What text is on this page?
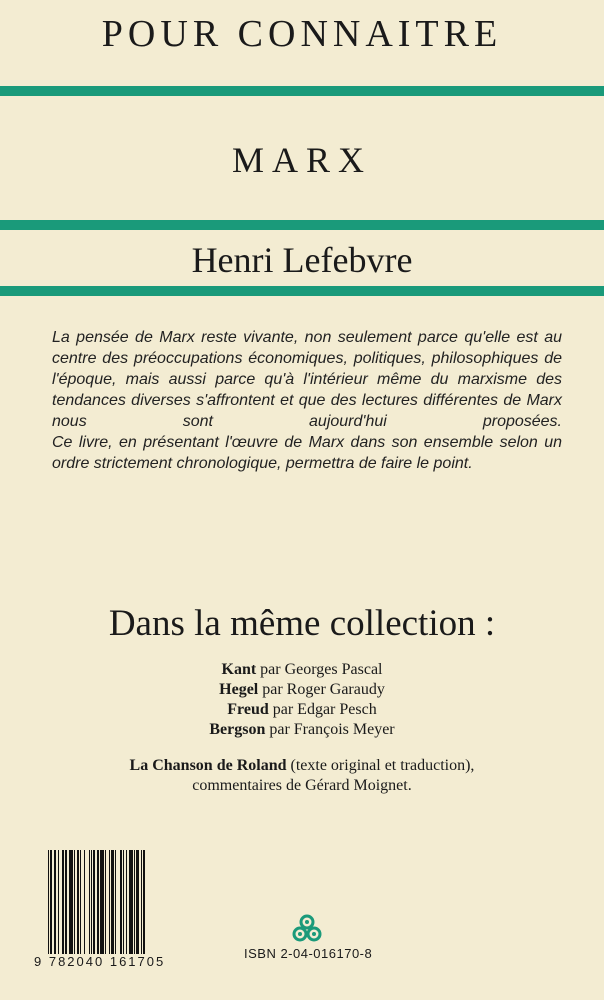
POUR CONNAITRE
MARX
Henri Lefebvre

La pensée de Marx reste vivante, non seulement parce qu'elle est au centre des préoccupations économiques, politiques, philosophiques de l'époque, mais aussi parce qu'à l'intérieur même du marxisme des tendances diverses s'affrontent et que des lectures différentes de Marx nous sont aujourd'hui proposées.

Ce livre, en présentant l'œuvre de Marx dans son ensemble selon un ordre strictement chronologique, permettra de faire le point.

Dans la même collection :
Kant par Georges Pascal
Hegel par Roger Garaudy
Freud par Edgar Pesch
Bergson par François Meyer
La Chanson de Roland (texte original et traduction),
commentaires de Gérard Moignet.
9 782040 161705
ISBN 2-04-016170-8
